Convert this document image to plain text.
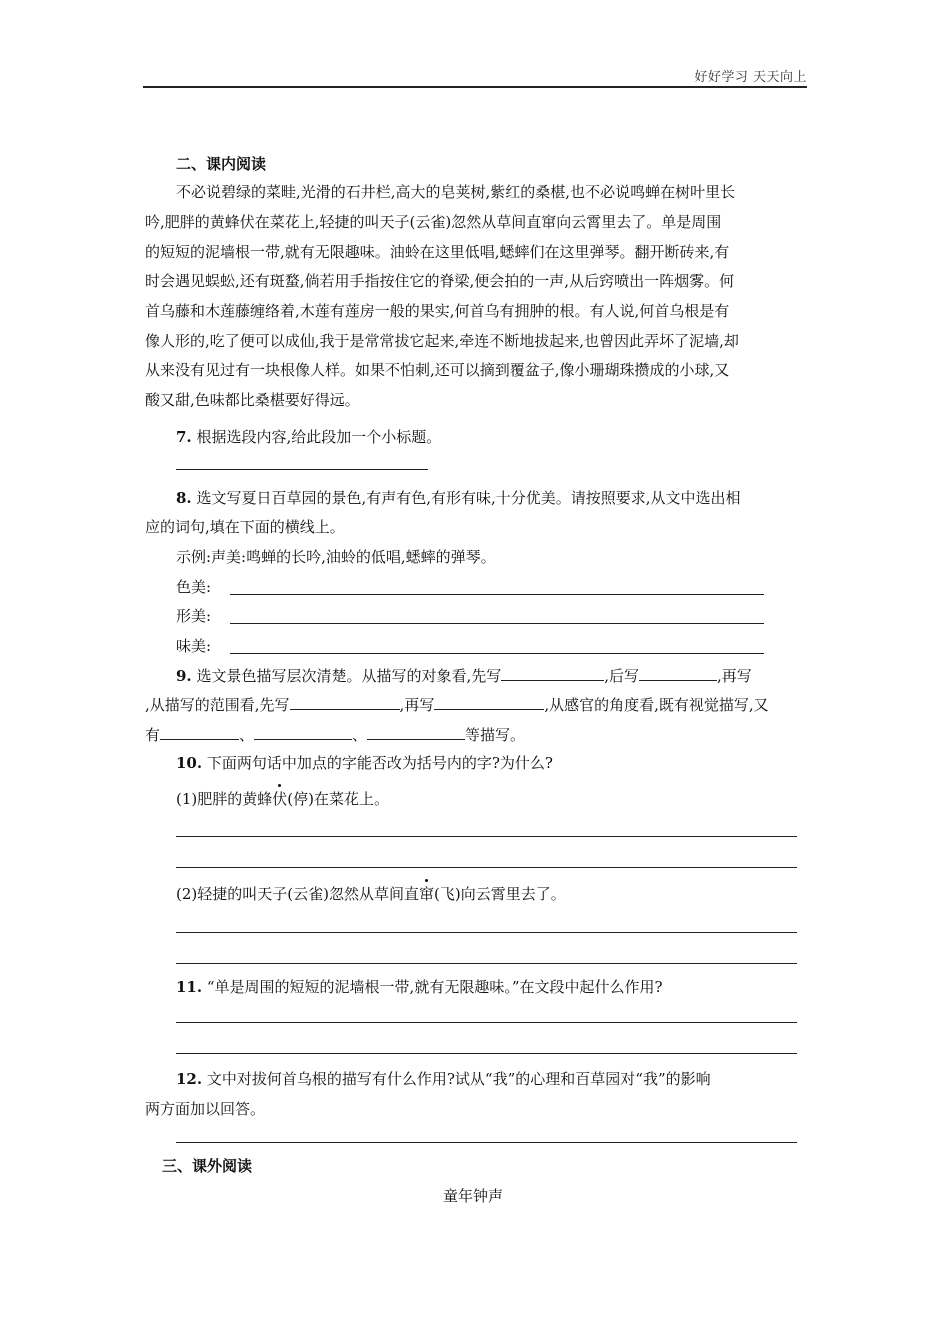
好好学习 天天向上
二、课内阅读
不必说碧绿的菜畦,光滑的石井栏,高大的皂荚树,紫红的桑椹,也不必说鸣蝉在树叶里长
吟,肥胖的黄蜂伏在菜花上,轻捷的叫天子(云雀)忽然从草间直窜向云霄里去了。单是周围
的短短的泥墙根一带,就有无限趣味。油蛉在这里低唱,蟋蟀们在这里弹琴。翻开断砖来,有
时会遇见蜈蚣,还有斑蝥,倘若用手指按住它的脊梁,便会拍的一声,从后窍喷出一阵烟雾。何
首乌藤和木莲藤缠络着,木莲有莲房一般的果实,何首乌有拥肿的根。有人说,何首乌根是有
像人形的,吃了便可以成仙,我于是常常拔它起来,牵连不断地拔起来,也曾因此弄坏了泥墙,却
从来没有见过有一块根像人样。如果不怕刺,还可以摘到覆盆子,像小珊瑚珠攒成的小球,又
酸又甜,色味都比桑椹要好得远。
7. 根据选段内容,给此段加一个小标题。
8. 选文写夏日百草园的景色,有声有色,有形有味,十分优美。请按照要求,从文中选出相
应的词句,填在下面的横线上。
示例:声美:鸣蝉的长吟,油蛉的低唱,蟋蟀的弹琴。
色美:
形美:
味美:
9. 选文景色描写层次清楚。从描写的对象看,先写	,后写	,再写
,从描写的范围看,先写	,再写	,从感官的角度看,既有视觉描写,又
有	、	、	等描写。
10. 下面两句话中加点的字能否改为括号内的字?为什么?
(1)肥胖的黄蜂伏(停)在菜花上。
(2)轻捷的叫天子(云雀)忽然从草间直窜(飞)向云霄里去了。
11. “单是周围的短短的泥墙根一带,就有无限趣味。”在文段中起什么作用?
12. 文中对拔何首乌根的描写有什么作用?试从“我”的心理和百草园对“我”的影响
两方面加以回答。
三、课外阅读
童年钟声
